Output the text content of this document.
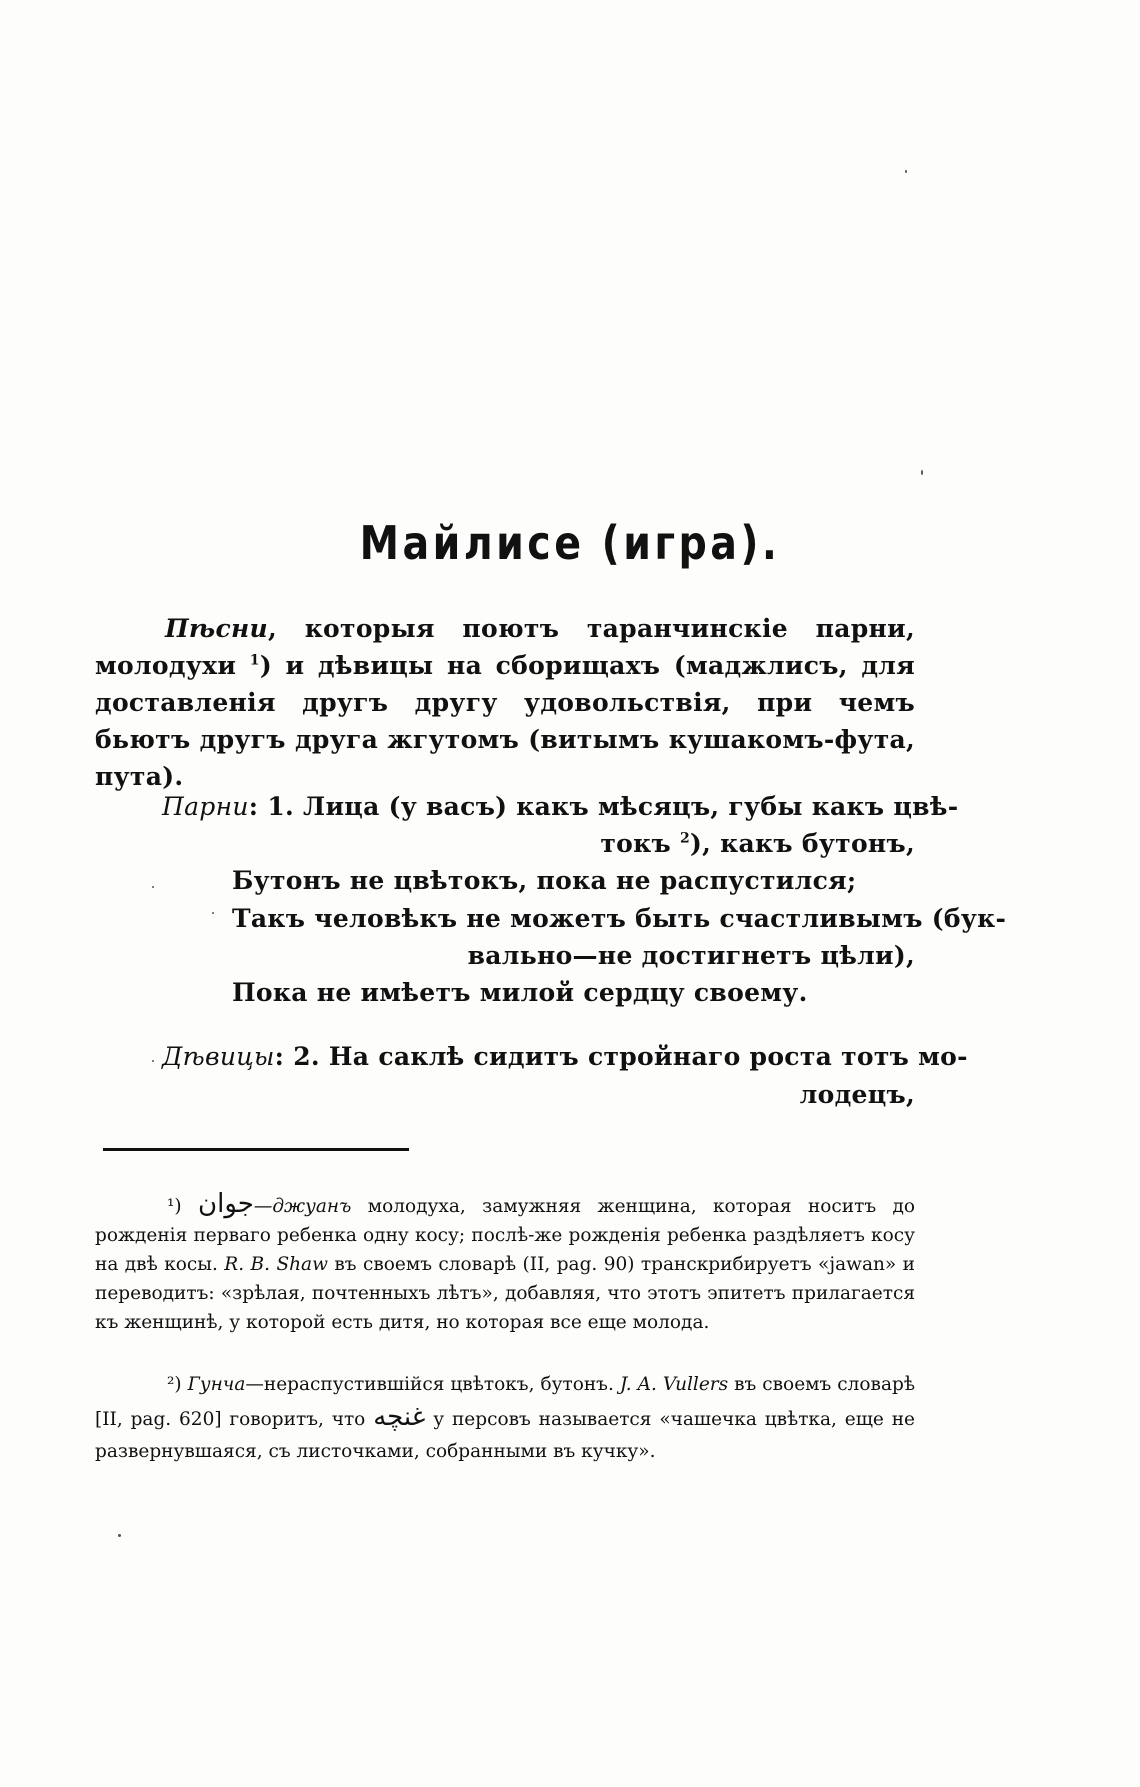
Майлисе (игра).
Пѣсни, которыя поютъ таранчинскіе парни, молодухи $^1$) и дѣвицы на сборищахъ (маджлисъ, для доставленія другъ другу удовольствія, при чемъ бьютъ другъ друга жгутомъ (витымъ кушакомъ-фута, пута).
Парни: 1. Лица (у васъ) какъ мѣсяцъ, губы какъ цвѣ-
токъ $^2$), какъ бутонъ,
Бутонъ не цвѣтокъ, пока не распустился;
Такъ человѣкъ не можетъ быть счастливымъ (бук-
вально—не достигнетъ цѣли),
Пока не имѣетъ милой сердцу своему.
Дѣвицы: 2. На саклѣ сидитъ стройнаго роста тотъ мо-
лодецъ,
¹) جوان—джуанъ молодуха, замужняя женщина, которая носитъ до рожденія перваго ребенка одну косу; послѣ-же рожденія ребенка раздѣляетъ косу на двѣ косы. R. B. Shaw въ своемъ словарѣ (II, pag. 90) транскрибируетъ «jawan» и переводитъ: «зрѣлая, почтенныхъ лѣтъ», добавляя, что этотъ эпитетъ прилагается къ женщинѣ, у которой есть дитя, но которая все еще молода.
²) Гунча—нераспустившійся цвѣтокъ, бутонъ. J. A. Vullers въ своемъ словарѣ [II, pag. 620] говоритъ, что غنچه у персовъ называется «чашечка цвѣтка, еще не развернувшаяся, съ листочками, собранными въ кучку».
